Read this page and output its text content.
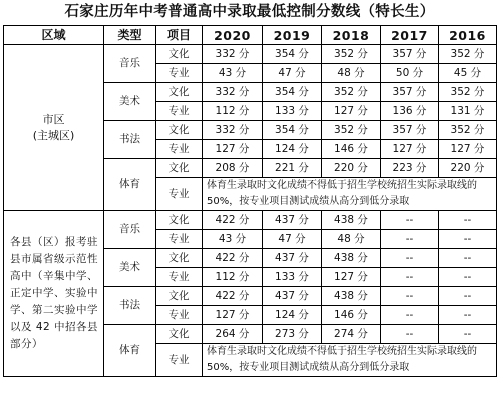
石家庄历年中考普通高中录取最低控制分数线（特长生）
区域	类型	项目	2020	2019	2018	2017	2016
市区
(主城区)	音乐	文化	332 分	354 分	352 分	357 分	352 分
		专业	43 分	47 分	48 分	50 分	45 分
	美术	文化	332 分	354 分	352 分	357 分	352 分
		专业	112 分	133 分	127 分	136 分	131 分
	书法	文化	332 分	354 分	352 分	357 分	352 分
		专业	127 分	124 分	146 分	127 分	127 分
	体育	文化	208 分	221 分	220 分	223 分	220 分
		专业	体育生录取时文化成绩不得低于招生学校统招生实际录取线的 50%，按专业项目测试成绩从高分到低分录取				

各县（区）报考驻县市属省级示范性高中（辛集中学、正定中学、实验中学、第二实验中学以及 42 中招各县部分）	音乐	文化	422 分	437 分	438 分	--	--
		专业	43 分	47 分	48 分	--	--
	美术	文化	422 分	437 分	438 分	--	--
		专业	112 分	133 分	127 分	--	--
	书法	文化	422 分	437 分	438 分	--	--
		专业	127 分	124 分	146 分	--	--
	体育	文化	264 分	273 分	274 分	--	--
		专业	体育生录取时文化成绩不得低于招生学校统招生实际录取线的 50%，按专业项目测试成绩从高分到低分录取				
